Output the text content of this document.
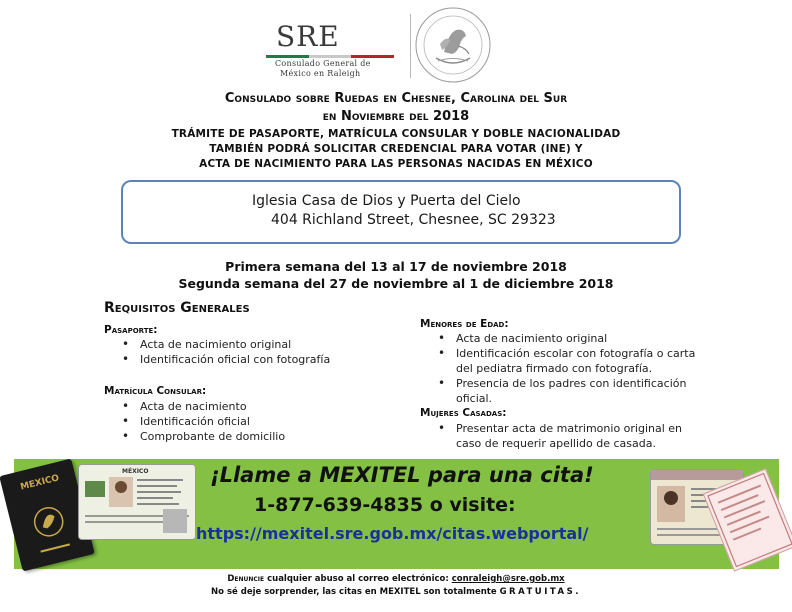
SRE
Consulado General de
México en Raleigh
Consulado sobre Ruedas en Chesnee, Carolina del Sur
en Noviembre del 2018
TRÁMITE DE PASAPORTE, MATRÍCULA CONSULAR Y DOBLE NACIONALIDAD
TAMBIÉN PODRÁ SOLICITAR CREDENCIAL PARA VOTAR (INE) Y
ACTA DE NACIMIENTO PARA LAS PERSONAS NACIDAS EN MÉXICO
Iglesia Casa de Dios y Puerta del Cielo
404 Richland Street, Chesnee, SC 29323
Primera semana del 13 al 17 de noviembre 2018
Segunda semana del 27 de noviembre al 1 de diciembre 2018
Requisitos Generales
Pasaporte:
• Acta de nacimiento original
• Identificación oficial con fotografía
Matrícula Consular:
• Acta de nacimiento
• Identificación oficial
• Comprobante de domicilio
Menores de Edad:
• Acta de nacimiento original
• Identificación escolar con fotografía o carta del pediatra firmado con fotografía.
• Presencia de los padres con identificación oficial.
Mujeres Casadas:
• Presentar acta de matrimonio original en caso de requerir apellido de casada.
MEXICO
MÉXICO	¡Llame a MEXITEL para una cita!
1-877-639-4835 o visite:
https://mexitel.sre.gob.mx/citas.webportal/
Denuncie cualquier abuso al correo electrónico: conraleigh@sre.gob.mx
No sé deje sorprender, las citas en MEXITEL son totalmente GRATUITAS.
